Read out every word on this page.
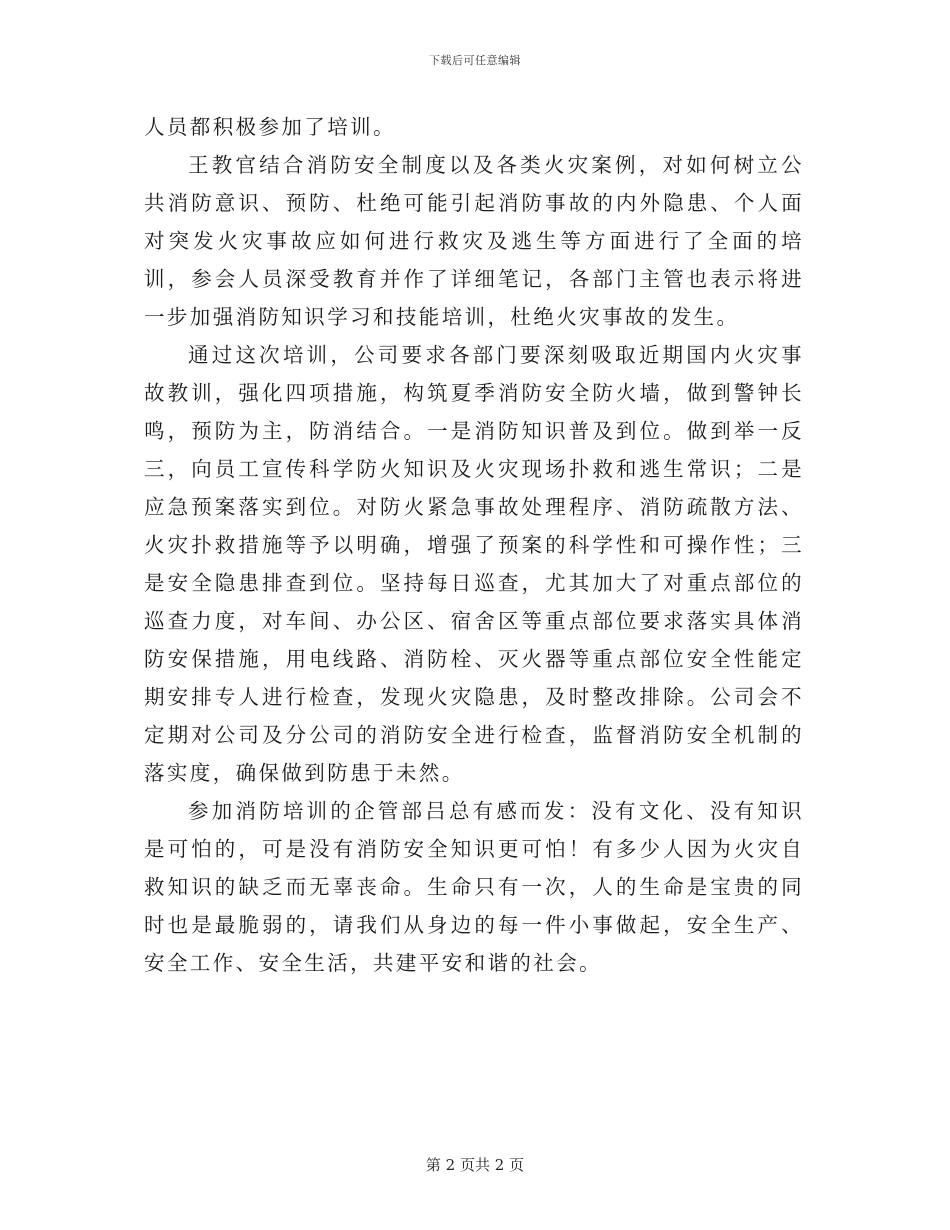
下载后可任意编辑

人员都积极参加了培训。

王教官结合消防安全制度以及各类火灾案例，对如何树立公共消防意识、预防、杜绝可能引起消防事故的内外隐患、个人面对突发火灾事故应如何进行救灾及逃生等方面进行了全面的培训，参会人员深受教育并作了详细笔记，各部门主管也表示将进一步加强消防知识学习和技能培训，杜绝火灾事故的发生。

通过这次培训，公司要求各部门要深刻吸取近期国内火灾事故教训，强化四项措施，构筑夏季消防安全防火墙，做到警钟长鸣，预防为主，防消结合。一是消防知识普及到位。做到举一反三，向员工宣传科学防火知识及火灾现场扑救和逃生常识；二是应急预案落实到位。对防火紧急事故处理程序、消防疏散方法、火灾扑救措施等予以明确，增强了预案的科学性和可操作性；三是安全隐患排查到位。坚持每日巡查，尤其加大了对重点部位的巡查力度，对车间、办公区、宿舍区等重点部位要求落实具体消防安保措施，用电线路、消防栓、灭火器等重点部位安全性能定期安排专人进行检查，发现火灾隐患，及时整改排除。公司会不定期对公司及分公司的消防安全进行检查，监督消防安全机制的落实度，确保做到防患于未然。

参加消防培训的企管部吕总有感而发：没有文化、没有知识是可怕的，可是没有消防安全知识更可怕！有多少人因为火灾自救知识的缺乏而无辜丧命。生命只有一次，人的生命是宝贵的同时也是最脆弱的，请我们从身边的每一件小事做起，安全生产、安全工作、安全生活，共建平安和谐的社会。

第 2 页共 2 页
